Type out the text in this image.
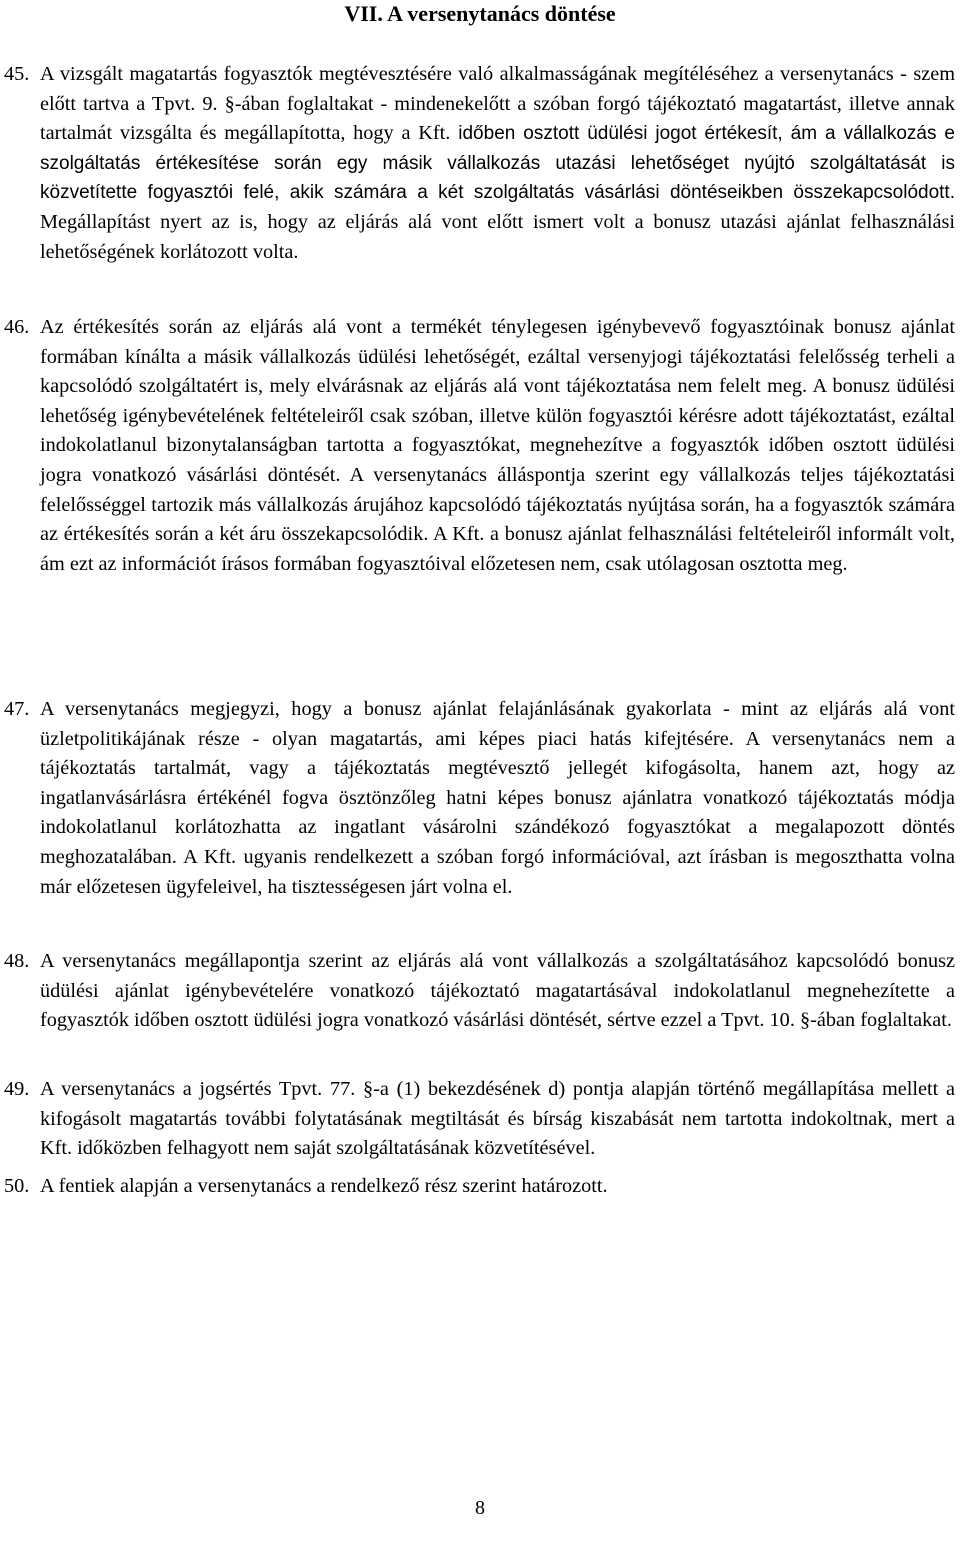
VII. A versenytanács döntése

45. A vizsgált magatartás fogyasztók megtévesztésére való alkalmasságának megítéléséhez a versenytanács - szem előtt tartva a Tpvt. 9. §-ában foglaltakat - mindenekelőtt a szóban forgó tájékoztató magatartást, illetve annak tartalmát vizsgálta és megállapította, hogy a Kft. időben osztott üdülési jogot értékesít, ám a vállalkozás e szolgáltatás értékesítése során egy másik vállalkozás utazási lehetőséget nyújtó szolgáltatását is közvetítette fogyasztói felé, akik számára a két szolgáltatás vásárlási döntéseikben összekapcsolódott. Megállapítást nyert az is, hogy az eljárás alá vont előtt ismert volt a bonusz utazási ajánlat felhasználási lehetőségének korlátozott volta.

46. Az értékesítés során az eljárás alá vont a termékét ténylegesen igénybevevő fogyasztóinak bonusz ajánlat formában kínálta a másik vállalkozás üdülési lehetőségét, ezáltal versenyjogi tájékoztatási felelősség terheli a kapcsolódó szolgáltatért is, mely elvárásnak az eljárás alá vont tájékoztatása nem felelt meg. A bonusz üdülési lehetőség igénybevételének feltételeiről csak szóban, illetve külön fogyasztói kérésre adott tájékoztatást, ezáltal indokolatlanul bizonytalanságban tartotta a fogyasztókat, megnehezítve a fogyasztók időben osztott üdülési jogra vonatkozó vásárlási döntését. A versenytanács álláspontja szerint egy vállalkozás teljes tájékoztatási felelősséggel tartozik más vállalkozás árujához kapcsolódó tájékoztatás nyújtása során, ha a fogyasztók számára az értékesítés során a két áru összekapcsolódik. A Kft. a bonusz ajánlat felhasználási feltételeiről informált volt, ám ezt az információt írásos formában fogyasztóival előzetesen nem, csak utólagosan osztotta meg.

47. A versenytanács megjegyzi, hogy a bonusz ajánlat felajánlásának gyakorlata - mint az eljárás alá vont üzletpolitikájának része - olyan magatartás, ami képes piaci hatás kifejtésére. A versenytanács nem a tájékoztatás tartalmát, vagy a tájékoztatás megtévesztő jellegét kifogásolta, hanem azt, hogy az ingatlanvásárlásra értékénél fogva ösztönzőleg hatni képes bonusz ajánlatra vonatkozó tájékoztatás módja indokolatlanul korlátozhatta az ingatlant vásárolni szándékozó fogyasztókat a megalapozott döntés meghozatalában. A Kft. ugyanis rendelkezett a szóban forgó információval, azt írásban is megoszthatta volna már előzetesen ügyfeleivel, ha tisztességesen járt volna el.

48. A versenytanács megállapontja szerint az eljárás alá vont vállalkozás a szolgáltatásához kapcsolódó bonusz üdülési ajánlat igénybevételére vonatkozó tájékoztató magatartásával indokolatlanul megnehezítette a fogyasztók időben osztott üdülési jogra vonatkozó vásárlási döntését, sértve ezzel a Tpvt. 10. §-ában foglaltakat.

49. A versenytanács a jogsértés Tpvt. 77. §-a (1) bekezdésének d) pontja alapján történő megállapítása mellett a kifogásolt magatartás további folytatásának megtiltását és bírság kiszabását nem tartotta indokoltnak, mert a Kft. időközben felhagyott nem saját szolgáltatásának közvetítésével.

50. A fentiek alapján a versenytanács a rendelkező rész szerint határozott.

8
